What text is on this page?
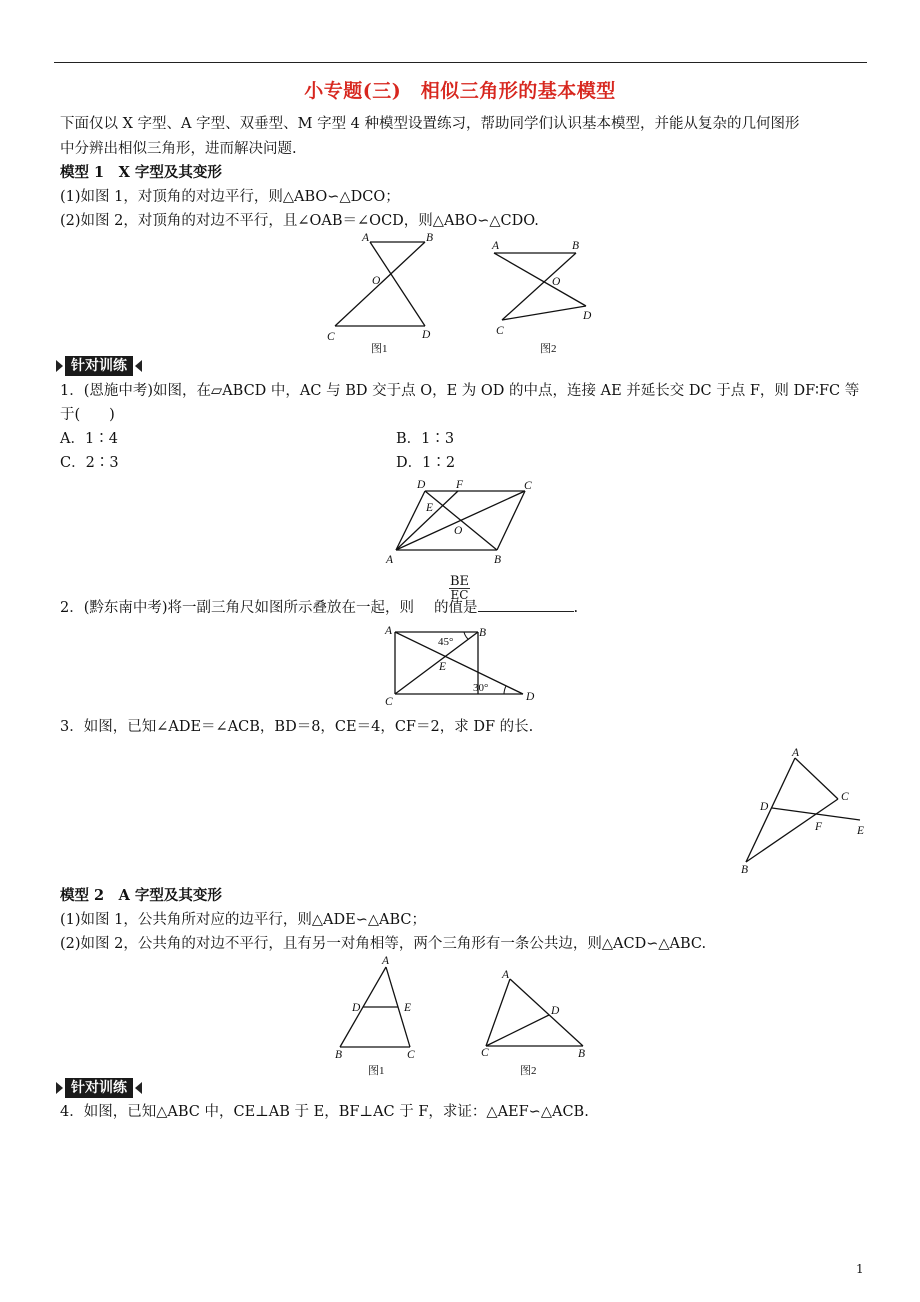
小专题(三)　相似三角形的基本模型
下面仅以 X 字型、A 字型、双垂型、M 字型 4 种模型设置练习，帮助同学们认识基本模型，并能从复杂的几何图形
中分辨出相似三角形，进而解决问题.
模型 1　X 字型及其变形
(1)如图 1，对顶角的对边平行，则△ABO∽△DCO；
(2)如图 2，对顶角的对边不平行，且∠OAB＝∠OCD，则△ABO∽△CDO.
A	B
O
C	D
图1
A	B
O
C
D
图2
针对训练
1．(恩施中考)如图，在▱ABCD 中，AC 与 BD 交于点 O，E 为 OD 的中点，连接 AE 并延长交 DC 于点 F，则 DF∶FC 等
于(　　)
A．1∶4	B．1∶3
C．2∶3	D．1∶2
D	F	C
E
O
A	B
2．(黔东南中考)将一副三角尺如图所示叠放在一起，则 的值是	.
$\frac{BE}{EC}$
A	B
E
C	D
45°
30°
3．如图，已知∠ADE＝∠ACB，BD＝8，CE＝4，CF＝2，求 DF 的长.
A
C
D
F	E
B
模型 2　A 字型及其变形
(1)如图 1，公共角所对应的边平行，则△ADE∽△ABC；
(2)如图 2，公共角的对边不平行，且有另一对角相等，两个三角形有一条公共边，则△ACD∽△ABC.
A
D	E
B	C
图1
A
D
C	B
图2
针对训练
4．如图，已知△ABC 中，CE⊥AB 于 E，BF⊥AC 于 F，求证：△AEF∽△ACB.
1
